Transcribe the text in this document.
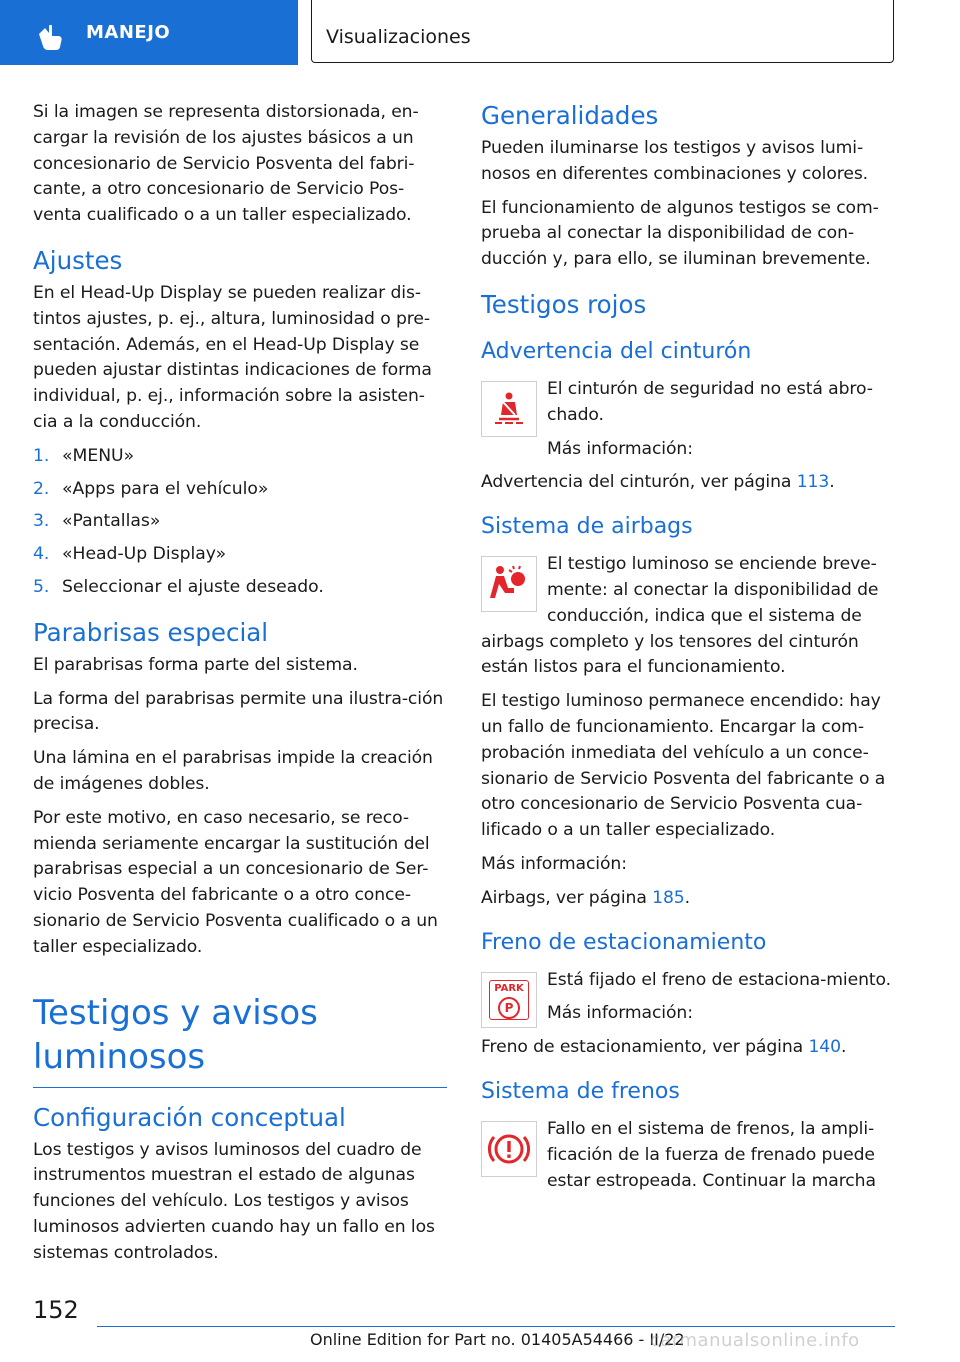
MANEJO	Visualizaciones

Si la imagen se representa distorsionada, en-cargar la revisión de los ajustes básicos a un concesionario de Servicio Posventa del fabri-cante, a otro concesionario de Servicio Pos-venta cualificado o a un taller especializado.

Ajustes

En el Head-Up Display se pueden realizar dis-tintos ajustes, p. ej., altura, luminosidad o pre-sentación. Además, en el Head-Up Display se pueden ajustar distintas indicaciones de forma individual, p. ej., información sobre la asisten-cia a la conducción.

1. «MENU»
2. «Apps para el vehículo»
3. «Pantallas»
4. «Head-Up Display»
5. Seleccionar el ajuste deseado.
Parabrisas especial

El parabrisas forma parte del sistema.

La forma del parabrisas permite una ilustra-ción precisa.

Una lámina en el parabrisas impide la creación de imágenes dobles.

Por este motivo, en caso necesario, se reco-mienda seriamente encargar la sustitución del parabrisas especial a un concesionario de Ser-vicio Posventa del fabricante o a otro conce-sionario de Servicio Posventa cualificado o a un taller especializado.

Testigos y avisos luminosos
Configuración conceptual

Los testigos y avisos luminosos del cuadro de instrumentos muestran el estado de algunas funciones del vehículo. Los testigos y avisos luminosos advierten cuando hay un fallo en los sistemas controlados.

Generalidades

Pueden iluminarse los testigos y avisos lumi-nosos en diferentes combinaciones y colores.

El funcionamiento de algunos testigos se com-prueba al conectar la disponibilidad de con-ducción y, para ello, se iluminan brevemente.

Testigos rojos
Advertencia del cinturón

El cinturón de seguridad no está abro-chado.

Más información:

Advertencia del cinturón, ver página 113.

Sistema de airbags

El testigo luminoso se enciende breve-mente: al conectar la disponibilidad de conducción, indica que el sistema de airbags completo y los tensores del cinturón están listos para el funcionamiento.

El testigo luminoso permanece encendido: hay un fallo de funcionamiento. Encargar la com-probación inmediata del vehículo a un conce-sionario de Servicio Posventa del fabricante o a otro concesionario de Servicio Posventa cua-lificado o a un taller especializado.

Más información:

Airbags, ver página 185.

Freno de estacionamiento
PARK
P

Está fijado el freno de estaciona-miento.

Más información:

Freno de estacionamiento, ver página 140.

Sistema de frenos

Fallo en el sistema de frenos, la ampli-ficación de la fuerza de frenado puede estar estropeada. Continuar la marcha

152
Online Edition for Part no. 01405A54466 - II/22
carmanualsonline.info
